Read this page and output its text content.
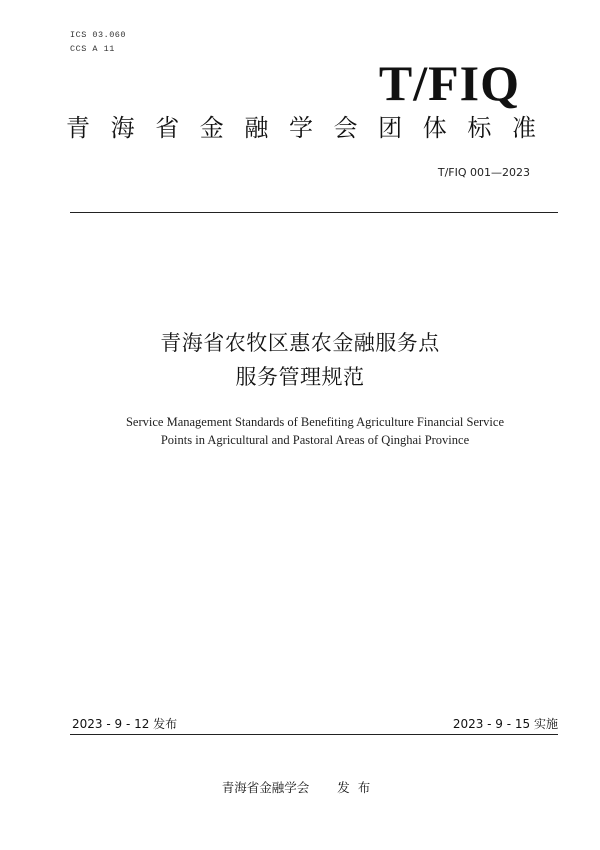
ICS 03.060
CCS A 11
T/FIQ
青 海 省 金 融 学 会 团 体 标 准
T/FIQ 001—2023
青海省农牧区惠农金融服务点
服务管理规范
Service Management Standards of Benefiting Agriculture Financial Service
Points in Agricultural and Pastoral Areas of Qinghai Province
2023 - 9 - 12 发布	2023 - 9 - 15 实施
青海省金融学会 发布
